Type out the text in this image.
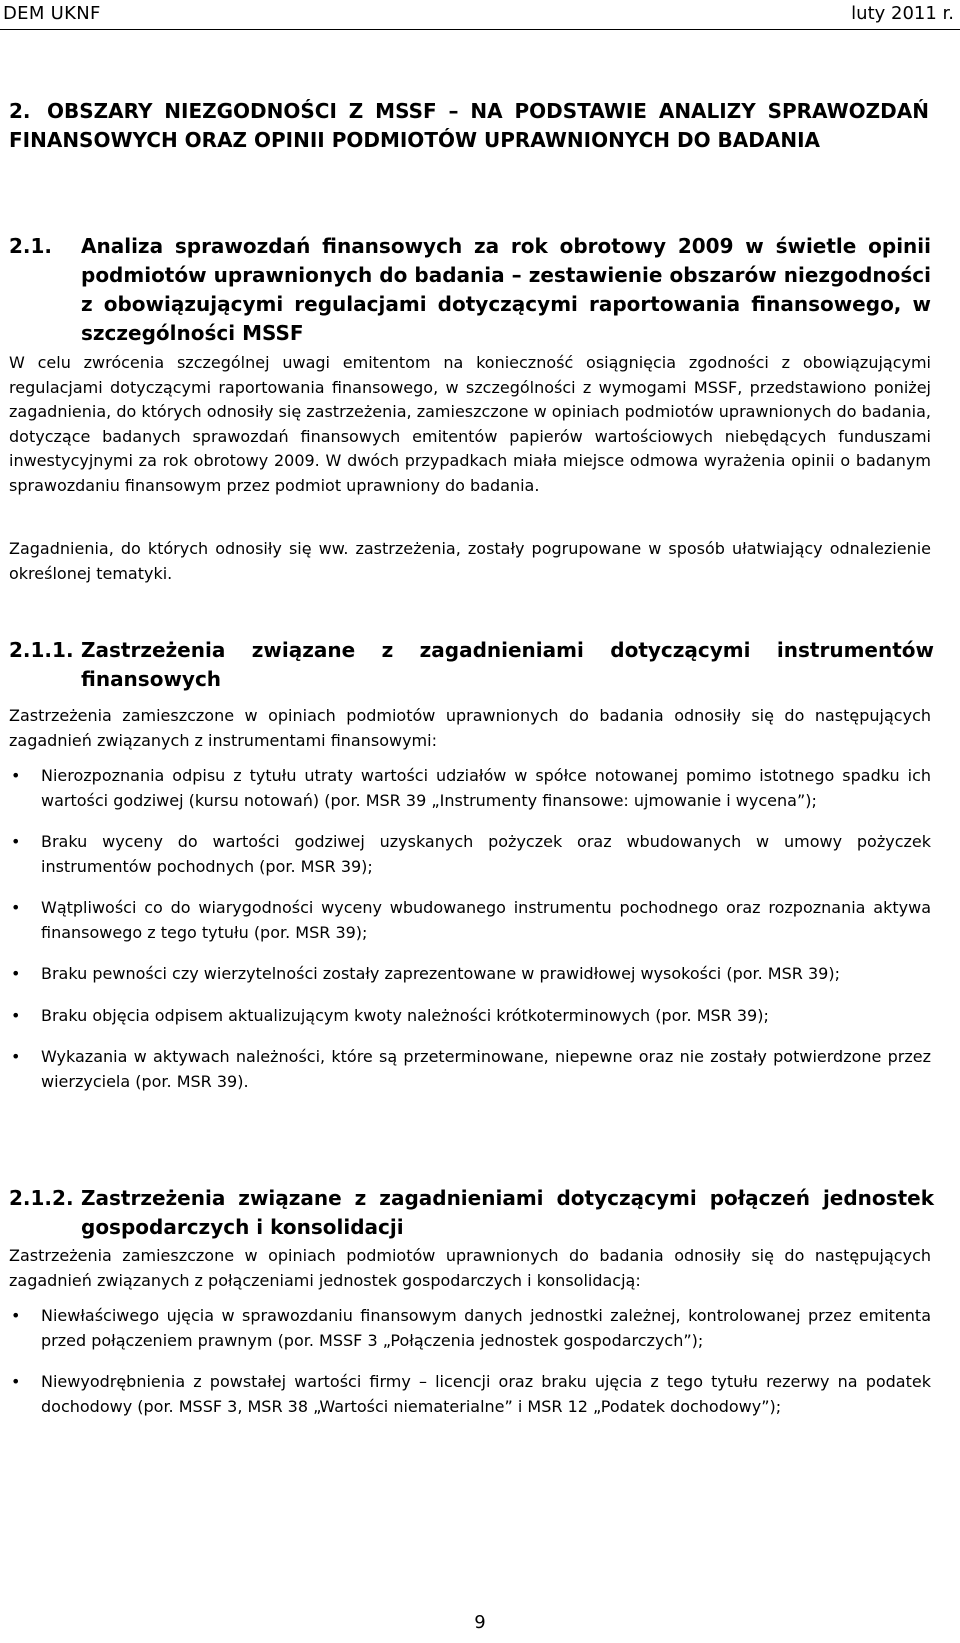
DEM UKNF	luty 2011 r.
2. OBSZARY NIEZGODNOŚCI Z MSSF – NA PODSTAWIE ANALIZY SPRAWOZDAŃ FINANSOWYCH ORAZ OPINII PODMIOTÓW UPRAWNIONYCH DO BADANIA
2.1. Analiza sprawozdań finansowych za rok obrotowy 2009 w świetle opinii podmiotów uprawnionych do badania – zestawienie obszarów niezgodności z obowiązującymi regulacjami dotyczącymi raportowania finansowego, w szczególności MSSF
W celu zwrócenia szczególnej uwagi emitentom na konieczność osiągnięcia zgodności z obowiązującymi regulacjami dotyczącymi raportowania finansowego, w szczególności z wymogami MSSF, przedstawiono poniżej zagadnienia, do których odnosiły się zastrzeżenia, zamieszczone w opiniach podmiotów uprawnionych do badania, dotyczące badanych sprawozdań finansowych emitentów papierów wartościowych niebędących funduszami inwestycyjnymi za rok obrotowy 2009. W dwóch przypadkach miała miejsce odmowa wyrażenia opinii o badanym sprawozdaniu finansowym przez podmiot uprawniony do badania.
Zagadnienia, do których odnosiły się ww. zastrzeżenia, zostały pogrupowane w sposób ułatwiający odnalezienie określonej tematyki.
2.1.1. Zastrzeżenia związane z zagadnieniami dotyczącymi instrumentów finansowych
Zastrzeżenia zamieszczone w opiniach podmiotów uprawnionych do badania odnosiły się do następujących zagadnień związanych z instrumentami finansowymi:
• Nierozpoznania odpisu z tytułu utraty wartości udziałów w spółce notowanej pomimo istotnego spadku ich wartości godziwej (kursu notowań) (por. MSR 39 „Instrumenty finansowe: ujmowanie i wycena”);
• Braku wyceny do wartości godziwej uzyskanych pożyczek oraz wbudowanych w umowy pożyczek instrumentów pochodnych (por. MSR 39);
• Wątpliwości co do wiarygodności wyceny wbudowanego instrumentu pochodnego oraz rozpoznania aktywa finansowego z tego tytułu (por. MSR 39);
• Braku pewności czy wierzytelności zostały zaprezentowane w prawidłowej wysokości (por. MSR 39);
• Braku objęcia odpisem aktualizującym kwoty należności krótkoterminowych (por. MSR 39);
• Wykazania w aktywach należności, które są przeterminowane, niepewne oraz nie zostały potwierdzone przez wierzyciela (por. MSR 39).
2.1.2. Zastrzeżenia związane z zagadnieniami dotyczącymi połączeń jednostek gospodarczych i konsolidacji
Zastrzeżenia zamieszczone w opiniach podmiotów uprawnionych do badania odnosiły się do następujących zagadnień związanych z połączeniami jednostek gospodarczych i konsolidacją:
• Niewłaściwego ujęcia w sprawozdaniu finansowym danych jednostki zależnej, kontrolowanej przez emitenta przed połączeniem prawnym (por. MSSF 3 „Połączenia jednostek gospodarczych”);
• Niewyodrębnienia z powstałej wartości firmy – licencji oraz braku ujęcia z tego tytułu rezerwy na podatek dochodowy (por. MSSF 3, MSR 38 „Wartości niematerialne” i MSR 12 „Podatek dochodowy”);
9
